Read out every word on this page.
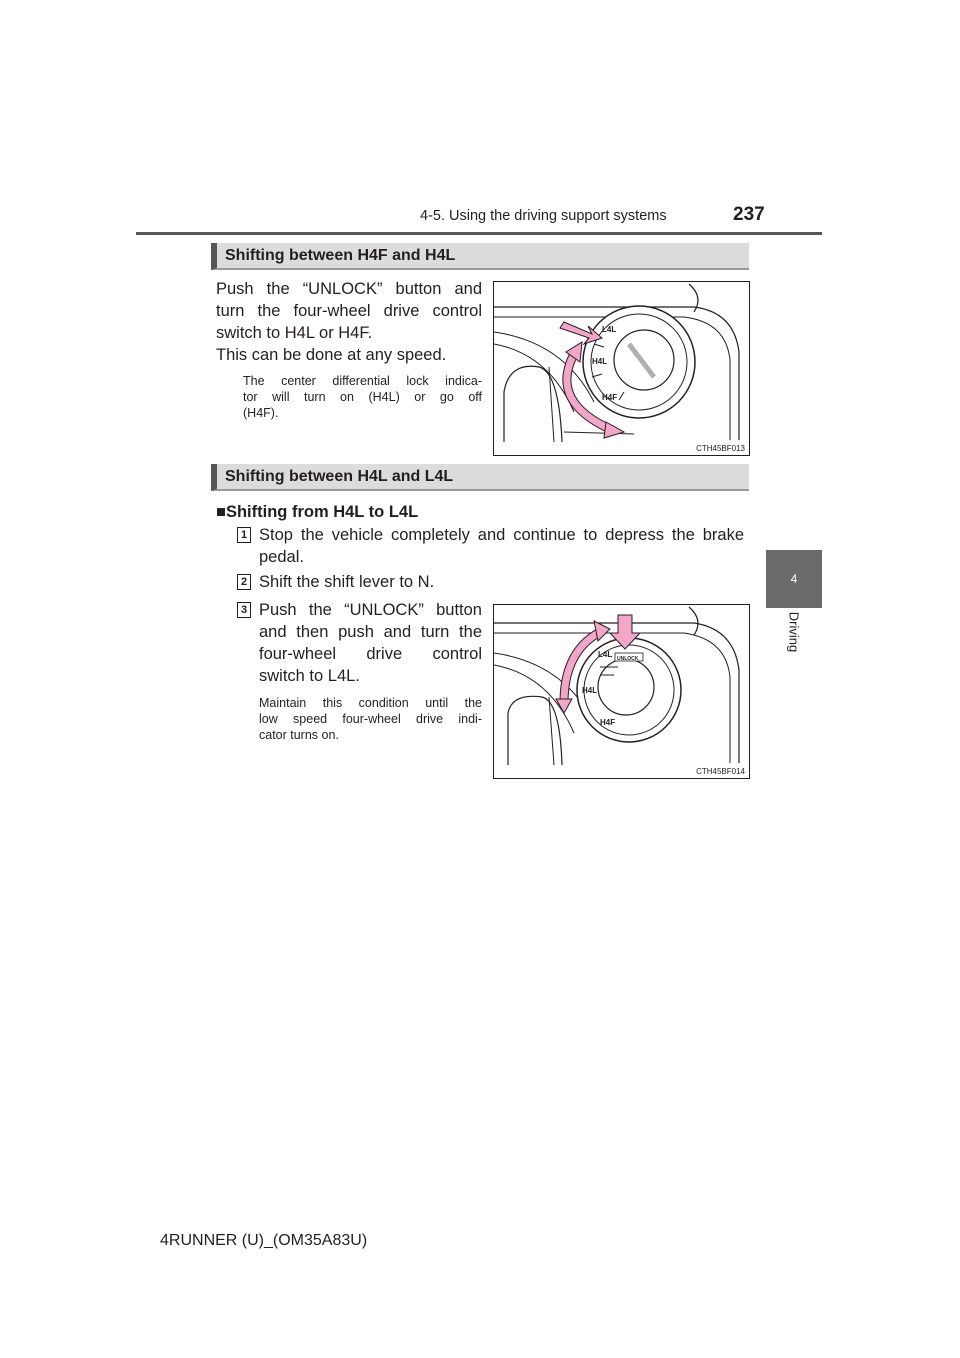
4-5. Using the driving support systems	237
4
Driving
Shifting between H4F and H4L
Push the “UNLOCK” button and
turn the four-wheel drive control
switch to H4L or H4F.
This can be done at any speed.
The center differential lock indica-
tor will turn on (H4L) or go off
(H4F).
L4L
H4L
H4F
CTH45BF013
Shifting between H4L and L4L
■Shifting from H4L to L4L
1 Stop the vehicle completely and continue to depress the brake
pedal.
2 Shift the shift lever to N.
3 Push the “UNLOCK” button
and then push and turn the
four-wheel drive control
switch to L4L.
Maintain this condition until the
low speed four-wheel drive indi-
cator turns on.
UNLOCK
L4L
H4L
H4F
CTH45BF014
4RUNNER (U)_(OM35A83U)
